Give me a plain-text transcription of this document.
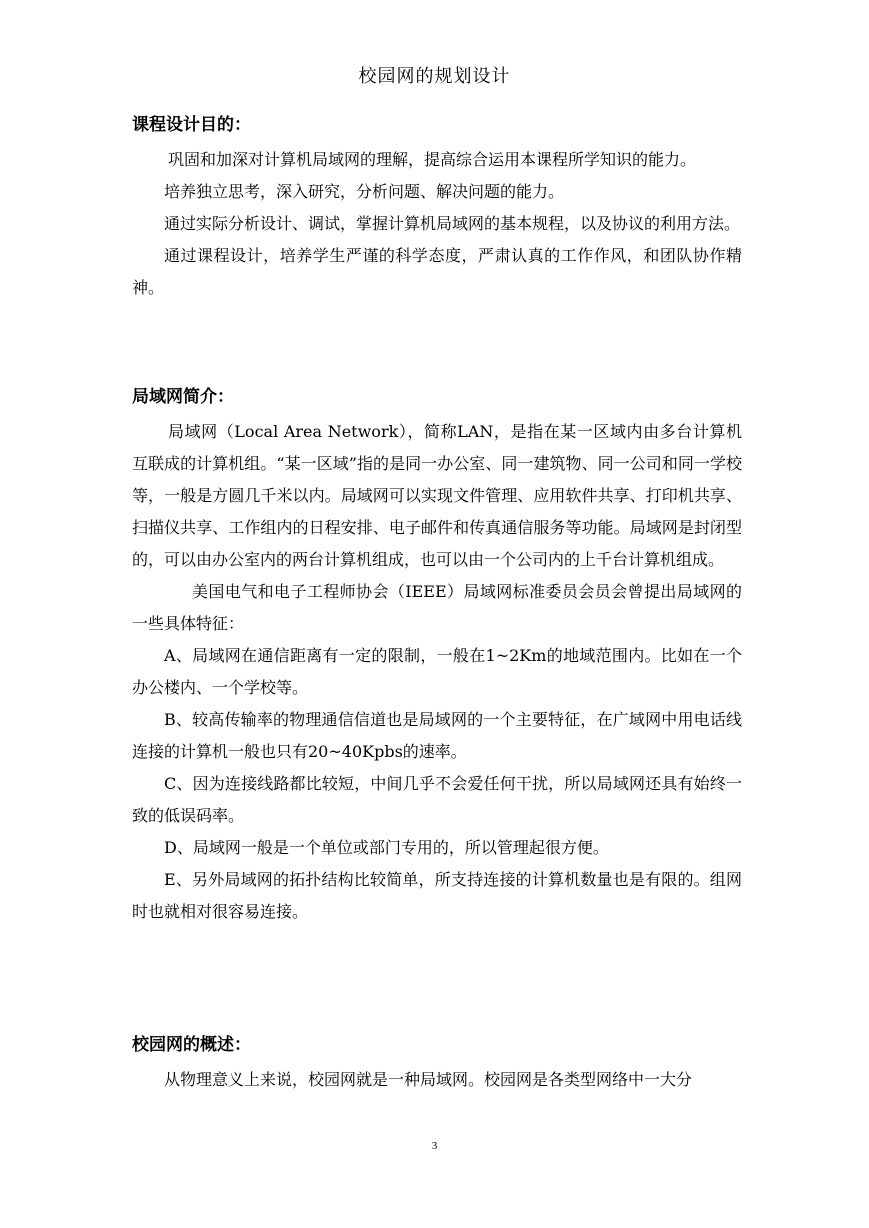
校园网的规划设计

课程设计目的：

巩固和加深对计算机局域网的理解，提高综合运用本课程所学知识的能力。

培养独立思考，深入研究，分析问题、解决问题的能力。

通过实际分析设计、调试，掌握计算机局域网的基本规程，以及协议的利用方法。

通过课程设计，培养学生严谨的科学态度，严肃认真的工作作风，和团队协作精神。

局域网简介：

局域网（Local Area Network），简称LAN，是指在某一区域内由多台计算机互联成的计算机组。“某一区域”指的是同一办公室、同一建筑物、同一公司和同一学校等，一般是方圆几千米以内。局域网可以实现文件管理、应用软件共享、打印机共享、扫描仪共享、工作组内的日程安排、电子邮件和传真通信服务等功能。局域网是封闭型的，可以由办公室内的两台计算机组成，也可以由一个公司内的上千台计算机组成。

美国电气和电子工程师协会（IEEE）局域网标准委员会员会曾提出局域网的一些具体特征：

A、局域网在通信距离有一定的限制，一般在1~2Km的地域范围内。比如在一个办公楼内、一个学校等。

B、较高传输率的物理通信信道也是局域网的一个主要特征，在广域网中用电话线连接的计算机一般也只有20~40Kpbs的速率。

C、因为连接线路都比较短，中间几乎不会爱任何干扰，所以局域网还具有始终一致的低误码率。

D、局域网一般是一个单位或部门专用的，所以管理起很方便。

E、另外局域网的拓扑结构比较简单，所支持连接的计算机数量也是有限的。组网时也就相对很容易连接。

校园网的概述：

从物理意义上来说，校园网就是一种局域网。校园网是各类型网络中一大分

3
